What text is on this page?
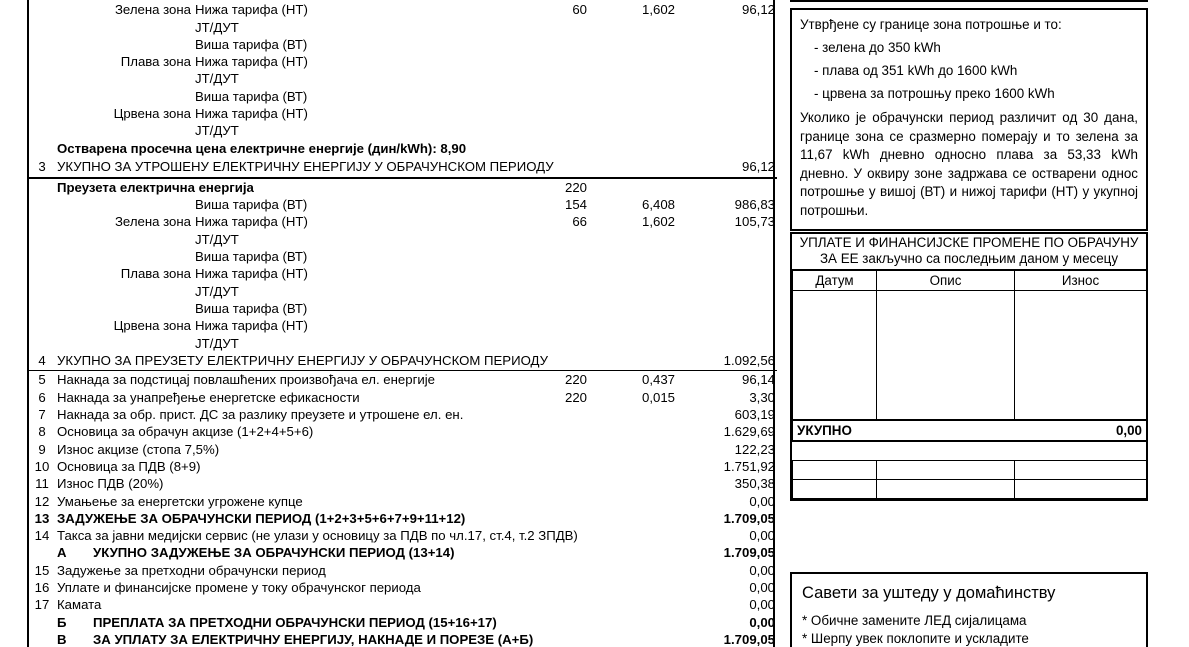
	Зелена зона	Нижа тарифа (НТ)	60	1,602	96,12
		ЈТ/ДУТ			
		Виша тарифа (ВТ)			
	Плава зона	Нижа тарифа (НТ)			
		ЈТ/ДУТ			
		Виша тарифа (ВТ)			
	Црвена зона	Нижа тарифа (НТ)			
		ЈТ/ДУТ			
	Остварена просечна цена електричне енергије (дин/kWh): 8,90				
3	УКУПНО ЗА УТРОШЕНУ ЕЛЕКТРИЧНУ ЕНЕРГИЈУ У ОБРАЧУНСКОМ ПЕРИОДУ				96,12
	Преузета електрична енергија		220		
		Виша тарифа (ВТ)	154	6,408	986,83
	Зелена зона	Нижа тарифа (НТ)	66	1,602	105,73
		ЈТ/ДУТ			
		Виша тарифа (ВТ)			
	Плава зона	Нижа тарифа (НТ)			
		ЈТ/ДУТ			
		Виша тарифа (ВТ)			
	Црвена зона	Нижа тарифа (НТ)			
		ЈТ/ДУТ			
4	УКУПНО ЗА ПРЕУЗЕТУ ЕЛЕКТРИЧНУ ЕНЕРГИЈУ У ОБРАЧУНСКОМ ПЕРИОДУ				1.092,56
5	Накнада за подстицај повлашћених произвођача ел. енергије		220	0,437	96,14
6	Накнада за унапређење енергетске ефикасности		220	0,015	3,30
7	Накнада за обр. прист. ДС за разлику преузете и утрошене ел. ен.				603,19
8	Основица за обрачун акцизе (1+2+4+5+6)				1.629,69
9	Износ акцизе (стопа 7,5%)				122,23
10	Основица за ПДВ (8+9)				1.751,92
11	Износ ПДВ (20%)				350,38
12	Умањење за енергетски угрожене купце				0,00
13	ЗАДУЖЕЊЕ ЗА ОБРАЧУНСКИ ПЕРИОД (1+2+3+5+6+7+9+11+12)				1.709,05
14	Такса за јавни медијски сервис (не улази у основицу за ПДВ по чл.17, ст.4, т.2 ЗПДВ)				0,00
	А УКУПНО ЗАДУЖЕЊЕ ЗА ОБРАЧУНСКИ ПЕРИОД (13+14)				1.709,05
15	Задужење за претходни обрачунски период				0,00
16	Уплате и финансијске промене у току обрачунског периода				0,00
17	Камата				0,00
	Б ПРЕПЛАТА ЗА ПРЕТХОДНИ ОБРАЧУНСКИ ПЕРИОД (15+16+17)				0,00
	В ЗА УПЛАТУ ЗА ЕЛЕКТРИЧНУ ЕНЕРГИЈУ, НАКНАДЕ И ПОРЕЗЕ (А+Б)				1.709,05
Утврђене су границе зона потрошње и то:
- зелена до 350 kWh
- плава од 351 kWh до 1600 kWh
- црвена за потрошњу преко 1600 kWh
Уколико је обрачунски период различит од 30 дана, границе зона се сразмерно померају и то зелена за 11,67 kWh дневно односно плава за 53,33 kWh дневно. У оквиру зоне задржава се остварени однос потрошње у вишој (ВТ) и нижој тарифи (НТ) у укупној потрошњи.
УПЛАТЕ И ФИНАНСИЈСКЕ ПРОМЕНЕ ПО ОБРАЧУНУ
ЗА ЕЕ закључно са последњим даном у месецу
Датум	Опис	Износ

УКУПНО		0,00

Савети за уштеду у домаћинству
* Обичне замените ЛЕД сијалицама
* Шерпу увек поклопите и ускладите
